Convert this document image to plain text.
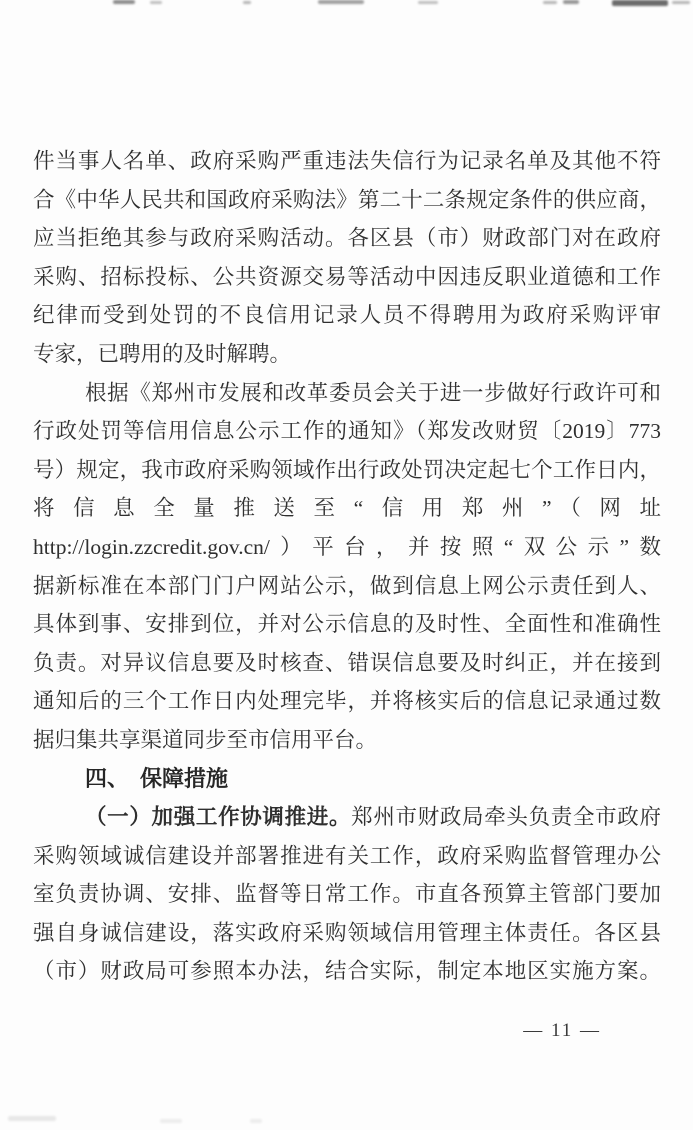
件当事人名单、政府采购严重违法失信行为记录名单及其他不符
合《中华人民共和国政府采购法》第二十二条规定条件的供应商，
应当拒绝其参与政府采购活动。各区县（市）财政部门对在政府
采购、招标投标、公共资源交易等活动中因违反职业道德和工作
纪律而受到处罚的不良信用记录人员不得聘用为政府采购评审
专家，已聘用的及时解聘。
根据《郑州市发展和改革委员会关于进一步做好行政许可和
行政处罚等信用信息公示工作的通知》（郑发改财贸〔2019〕773
号）规定，我市政府采购领域作出行政处罚决定起七个工作日内，
将信息全量推送至“信用郑州”（网址
http://login.zzcredit.gov.cn/）平台，并按照“双公示”数
据新标准在本部门门户网站公示，做到信息上网公示责任到人、
具体到事、安排到位，并对公示信息的及时性、全面性和准确性
负责。对异议信息要及时核查、错误信息要及时纠正，并在接到
通知后的三个工作日内处理完毕，并将核实后的信息记录通过数
据归集共享渠道同步至市信用平台。
四、　保障措施
（一）加强工作协调推进。郑州市财政局牵头负责全市政府
采购领域诚信建设并部署推进有关工作，政府采购监督管理办公
室负责协调、安排、监督等日常工作。市直各预算主管部门要加
强自身诚信建设，落实政府采购领域信用管理主体责任。各区县
（市）财政局可参照本办法，结合实际，制定本地区实施方案。
— 11 —
